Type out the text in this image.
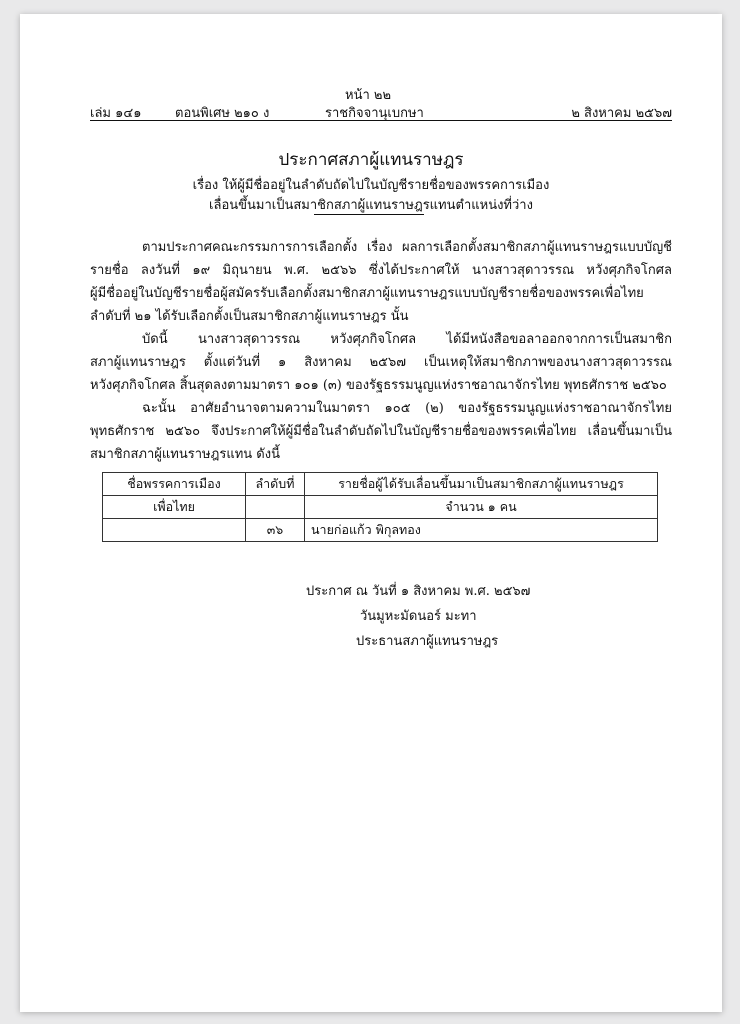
หน้า ๒๒
เล่ม ๑๔๑	ตอนพิเศษ ๒๑๐ ง	ราชกิจจานุเบกษา	๒ สิงหาคม ๒๕๖๗
ประกาศสภาผู้แทนราษฎร
เรื่อง ให้ผู้มีชื่ออยู่ในลำดับถัดไปในบัญชีรายชื่อของพรรคการเมือง
เลื่อนขึ้นมาเป็นสมาชิกสภาผู้แทนราษฎรแทนตำแหน่งที่ว่าง
ตามประกาศคณะกรรมการการเลือกตั้ง เรื่อง ผลการเลือกตั้งสมาชิกสภาผู้แทนราษฎรแบบบัญชี
รายชื่อ ลงวันที่ ๑๙ มิถุนายน พ.ศ. ๒๕๖๖ ซึ่งได้ประกาศให้ นางสาวสุดาวรรณ หวังศุภกิจโกศล
ผู้มีชื่ออยู่ในบัญชีรายชื่อผู้สมัครรับเลือกตั้งสมาชิกสภาผู้แทนราษฎรแบบบัญชีรายชื่อของพรรคเพื่อไทย
ลำดับที่ ๒๑ ได้รับเลือกตั้งเป็นสมาชิกสภาผู้แทนราษฎร นั้น
บัดนี้ นางสาวสุดาวรรณ หวังศุภกิจโกศล ได้มีหนังสือขอลาออกจากการเป็นสมาชิก
สภาผู้แทนราษฎร ตั้งแต่วันที่ ๑ สิงหาคม ๒๕๖๗ เป็นเหตุให้สมาชิกภาพของนางสาวสุดาวรรณ
หวังศุภกิจโกศล สิ้นสุดลงตามมาตรา ๑๐๑ (๓) ของรัฐธรรมนูญแห่งราชอาณาจักรไทย พุทธศักราช ๒๕๖๐
ฉะนั้น อาศัยอำนาจตามความในมาตรา ๑๐๕ (๒) ของรัฐธรรมนูญแห่งราชอาณาจักรไทย
พุทธศักราช ๒๕๖๐ จึงประกาศให้ผู้มีชื่อในลำดับถัดไปในบัญชีรายชื่อของพรรคเพื่อไทย เลื่อนขึ้นมาเป็น
สมาชิกสภาผู้แทนราษฎรแทน ดังนี้
ชื่อพรรคการเมือง	ลำดับที่	รายชื่อผู้ได้รับเลื่อนขึ้นมาเป็นสมาชิกสภาผู้แทนราษฎร
เพื่อไทย		จำนวน ๑ คน
	๓๖	นายก่อแก้ว พิกุลทอง
ประกาศ ณ วันที่ ๑ สิงหาคม พ.ศ. ๒๕๖๗
วันมูหะมัดนอร์ มะทา
ประธานสภาผู้แทนราษฎร
